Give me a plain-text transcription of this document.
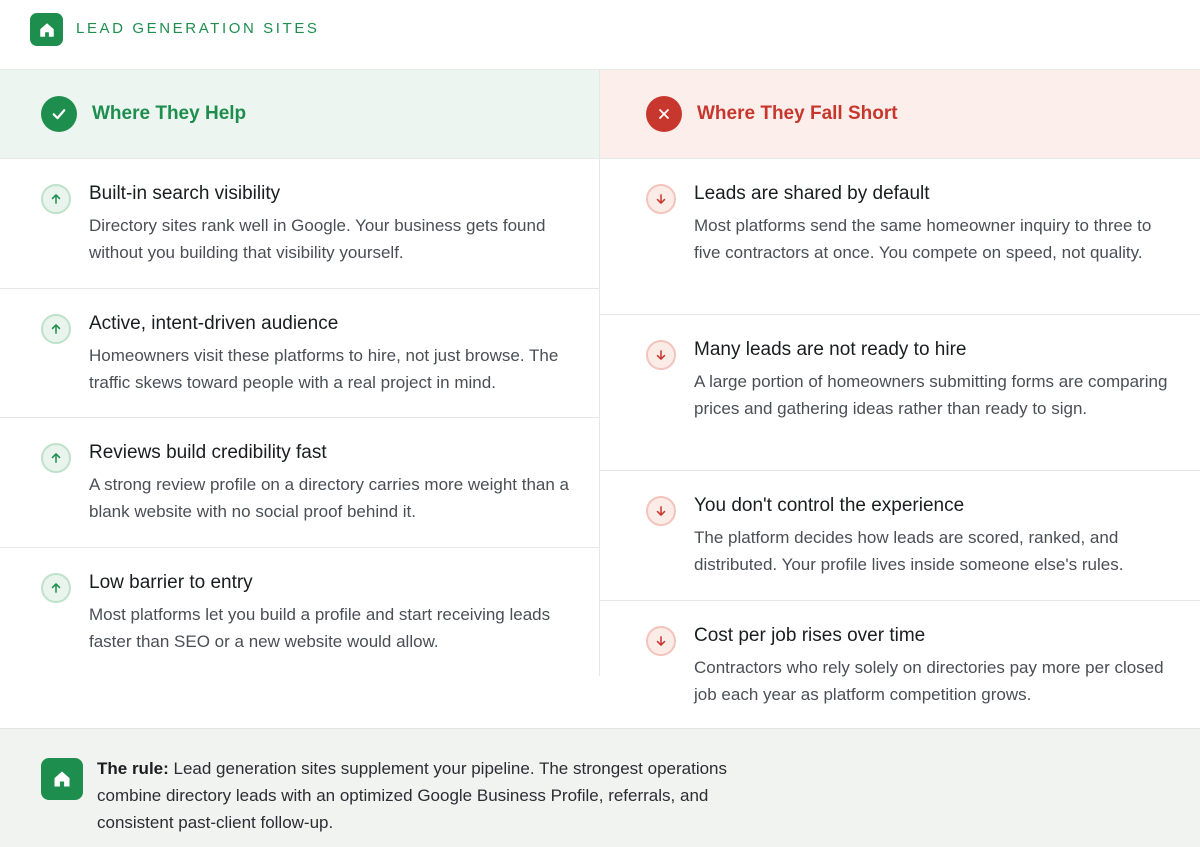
LEAD GENERATION SITES
Where They Help
Built-in search visibility
Directory sites rank well in Google. Your business gets found without you building that visibility yourself.
Active, intent-driven audience
Homeowners visit these platforms to hire, not just browse. The traffic skews toward people with a real project in mind.
Reviews build credibility fast
A strong review profile on a directory carries more weight than a blank website with no social proof behind it.
Low barrier to entry
Most platforms let you build a profile and start receiving leads faster than SEO or a new website would allow.
Where They Fall Short
Leads are shared by default
Most platforms send the same homeowner inquiry to three to five contractors at once. You compete on speed, not quality.
Many leads are not ready to hire
A large portion of homeowners submitting forms are comparing prices and gathering ideas rather than ready to sign.
You don't control the experience
The platform decides how leads are scored, ranked, and distributed. Your profile lives inside someone else's rules.
Cost per job rises over time
Contractors who rely solely on directories pay more per closed job each year as platform competition grows.
The rule: Lead generation sites supplement your pipeline. The strongest operations combine directory leads with an optimized Google Business Profile, referrals, and consistent past-client follow-up.
